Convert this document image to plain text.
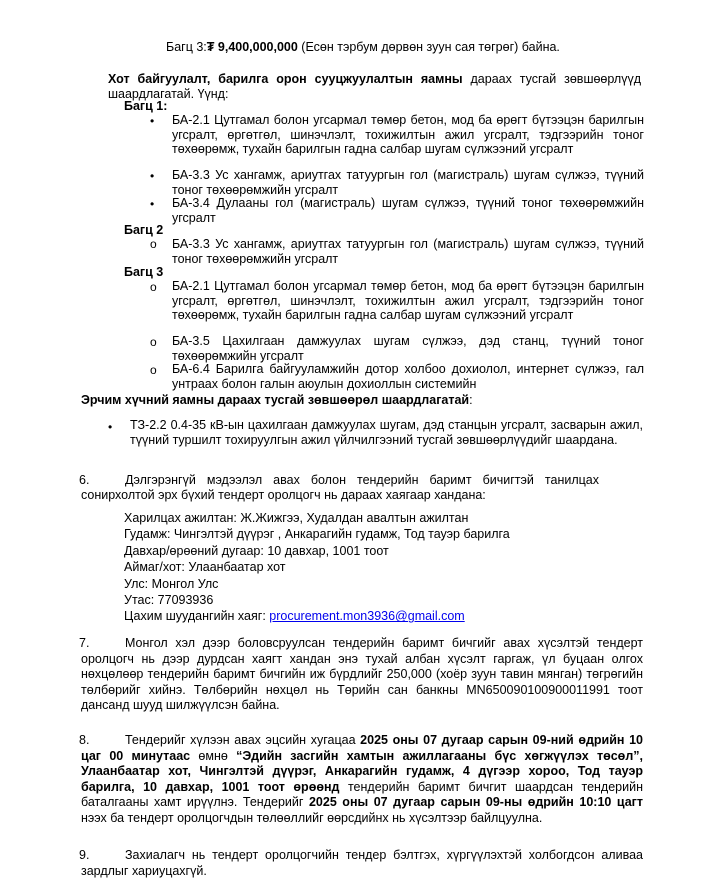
Багц 3:₮ 9,400,000,000 (Есөн тэрбум дөрвөн зуун сая төгрөг) байна.
Хот байгуулалт, барилга орон сууцжуулалтын яамны дараах тусгай зөвшөөрлүүд шаардлагатай. Үүнд:
Багц 1:
• БА-2.1 Цутгамал болон угсармал төмөр бетон, мод ба өрөгт бүтээцэн барилгын угсралт, өргөтгөл, шинэчлэлт, тохижилтын ажил угсралт, тэдгээрийн тоног төхөөрөмж, тухайн барилгын гадна салбар шугам сүлжээний угсралт
• БА-3.3 Ус хангамж, ариутгах татуургын гол (магистраль) шугам сүлжээ, түүний тоног төхөөрөмжийн угсралт
• БА-3.4 Дулааны гол (магистраль) шугам сүлжээ, түүний тоног төхөөрөмжийн угсралт
Багц 2
o БА-3.3 Ус хангамж, ариутгах татуургын гол (магистраль) шугам сүлжээ, түүний тоног төхөөрөмжийн угсралт
Багц 3
o БА-2.1 Цутгамал болон угсармал төмөр бетон, мод ба өрөгт бүтээцэн барилгын угсралт, өргөтгөл, шинэчлэлт, тохижилтын ажил угсралт, тэдгээрийн тоног төхөөрөмж, тухайн барилгын гадна салбар шугам сүлжээний угсралт
o БА-3.5 Цахилгаан дамжуулах шугам сүлжээ, дэд станц, түүний тоног төхөөрөмжийн угсралт
o БА-6.4 Барилга байгууламжийн дотор холбоо дохиолол, интернет сүлжээ, гал унтраах болон галын аюулын дохиоллын системийн
Эрчим хүчний яамны дараах тусгай зөвшөөрөл шаардлагатай:
• ТЗ-2.2 0.4-35 кВ-ын цахилгаан дамжуулах шугам, дэд станцын угсралт, засварын ажил, түүний туршилт тохируулгын ажил үйлчилгээний тусгай зөвшөөрлүүдийг шаардана.
6.	Дэлгэрэнгүй мэдээлэл авах болон тендерийн баримт бичигтэй танилцах сонирхолтой эрх бүхий тендерт оролцогч нь дараах хаягаар хандана:
Харилцах ажилтан: Ж.Жижгээ, Худалдан авалтын ажилтан
Гудамж: Чингэлтэй дүүрэг , Анкарагийн гудамж, Тод тауэр барилга
Давхар/өрөөний дугаар: 10 давхар, 1001 тоот
Аймаг/хот: Улаанбаатар хот
Улс: Монгол Улс
Утас: 77093936
Цахим шуудангийн хаяг: procurement.mon3936@gmail.com
7.	Монгол хэл дээр боловсруулсан тендерийн баримт бичгийг авах хүсэлтэй тендерт оролцогч нь дээр дурдсан хаягт хандан энэ тухай албан хүсэлт гаргаж, үл буцаан олгох нөхцөлөөр тендерийн баримт бичгийн иж бүрдлийг 250,000 (хоёр зуун тавин мянган) төгрөгийн төлбөрийг хийнэ. Төлбөрийн нөхцөл нь Төрийн сан банкны MN650090100900011991 тоот дансанд шууд шилжүүлсэн байна.
8.	Тендерийг хүлээн авах эцсийн хугацаа 2025 оны 07 дугаар сарын 09-ний өдрийн 10 цаг 00 минутаас өмнө “Эдийн засгийн хамтын ажиллагааны бүс хөгжүүлэх төсөл”, Улаанбаатар хот, Чингэлтэй дүүрэг, Анкарагийн гудамж, 4 дүгээр хороо, Тод тауэр барилга, 10 давхар, 1001 тоот өрөөнд тендерийн баримт бичгит шаардсан тендерийн баталгааны хамт ирүүлнэ. Тендерийг 2025 оны 07 дугаар сарын 09-ны өдрийн 10:10 цагт нээх ба тендерт оролцогчдын төлөөллийг өөрсдийнх нь хүсэлтээр байлцуулна.
9.	Захиалагч нь тендерт оролцогчийн тендер бэлтгэх, хүргүүлэхтэй холбогдсон аливаа зардлыг хариуцахгүй.
